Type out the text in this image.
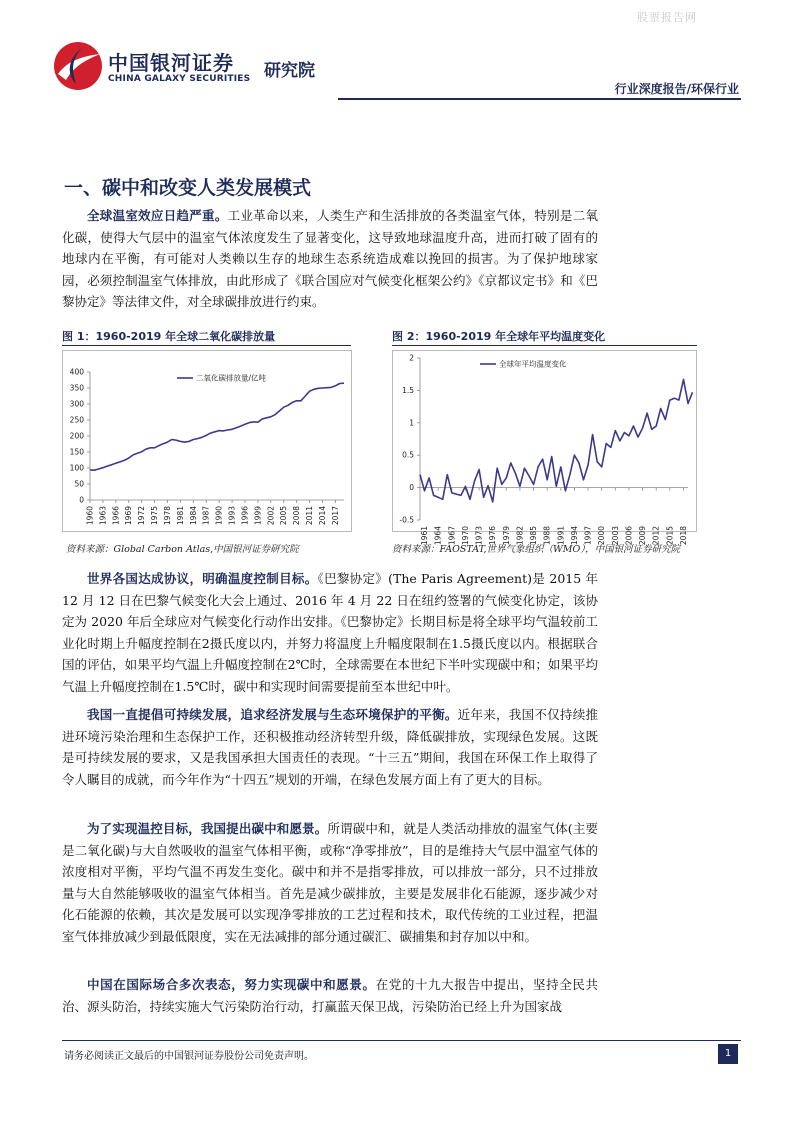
股票报告网
中国银河证券
CHINA GALAXY SECURITIES 研究院
行业深度报告/环保行业
一、碳中和改变人类发展模式

全球温室效应日趋严重。工业革命以来，人类生产和生活排放的各类温室气体，特别是二氧化碳，使得大气层中的温室气体浓度发生了显著变化，这导致地球温度升高，进而打破了固有的地球内在平衡，有可能对人类赖以生存的地球生态系统造成难以挽回的损害。为了保护地球家园，必须控制温室气体排放，由此形成了《联合国应对气候变化框架公约》《京都议定书》和《巴黎协定》等法律文件，对全球碳排放进行约束。

图 1：1960-2019 年全球二氧化碳排放量
0
50
100
150
200
250
300
350
400
1960 1963 1966 1969 1972 1975 1978 1981 1984 1987 1990 1993 1996 1999 2002 2005 2008 2011 2014 2017
二氧化碳排放量/亿吨
资料来源：Global Carbon Atlas,中国银河证券研究院
图 2：1960-2019 年全球年平均温度变化
-0.5
0
0.5
1
1.5
2
1961 1964 1967 1970 1973 1976 1979 1982 1985 1988 1991 1994 1997 2000 2003 2006 2009 2012 2015 2018
全球年平均温度变化
资料来源：FAOSTAT,世界气象组织（WMO），中国银河证券研究院

世界各国达成协议，明确温度控制目标。《巴黎协定》(The Paris Agreement)是 2015 年 12 月 12 日在巴黎气候变化大会上通过、2016 年 4 月 22 日在纽约签署的气候变化协定，该协定为 2020 年后全球应对气候变化行动作出安排。《巴黎协定》长期目标是将全球平均气温较前工业化时期上升幅度控制在2摄氏度以内，并努力将温度上升幅度限制在1.5摄氏度以内。根据联合国的评估，如果平均气温上升幅度控制在2℃时，全球需要在本世纪下半叶实现碳中和；如果平均气温上升幅度控制在1.5℃时，碳中和实现时间需要提前至本世纪中叶。

我国一直提倡可持续发展，追求经济发展与生态环境保护的平衡。近年来，我国不仅持续推进环境污染治理和生态保护工作，还积极推动经济转型升级，降低碳排放，实现绿色发展。这既是可持续发展的要求，又是我国承担大国责任的表现。“十三五”期间，我国在环保工作上取得了令人瞩目的成就，而今年作为“十四五”规划的开端，在绿色发展方面上有了更大的目标。

为了实现温控目标，我国提出碳中和愿景。所谓碳中和，就是人类活动排放的温室气体(主要是二氧化碳)与大自然吸收的温室气体相平衡，或称“净零排放”，目的是维持大气层中温室气体的浓度相对平衡，平均气温不再发生变化。碳中和并不是指零排放，可以排放一部分，只不过排放量与大自然能够吸收的温室气体相当。首先是减少碳排放，主要是发展非化石能源，逐步减少对化石能源的依赖，其次是发展可以实现净零排放的工艺过程和技术，取代传统的工业过程，把温室气体排放减少到最低限度，实在无法减排的部分通过碳汇、碳捕集和封存加以中和。

中国在国际场合多次表态，努力实现碳中和愿景。在党的十九大报告中提出，坚持全民共治、源头防治，持续实施大气污染防治行动，打赢蓝天保卫战，污染防治已经上升为国家战

请务必阅读正文最后的中国银河证券股份公司免责声明。	1
